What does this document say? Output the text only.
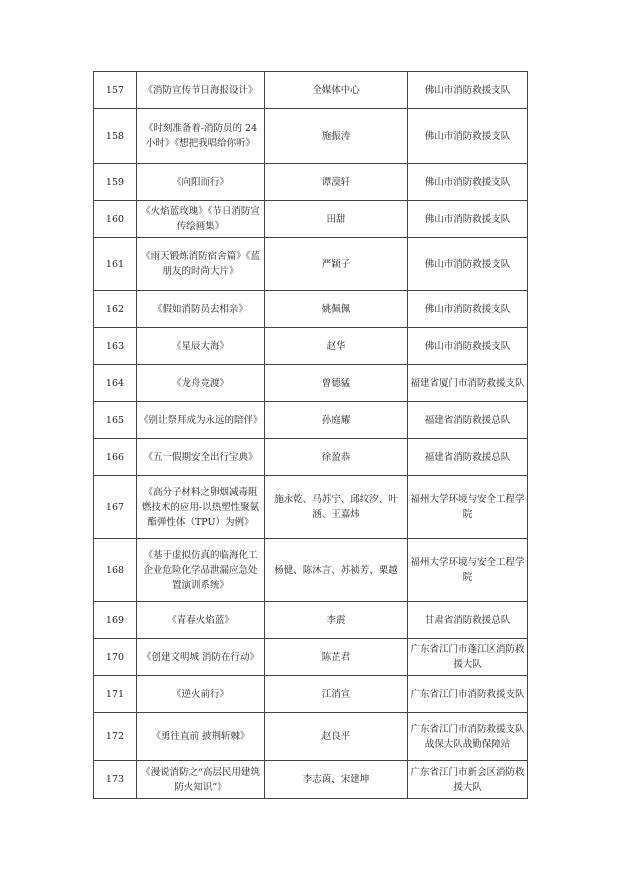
157	《消防宣传节日海报设计》	全媒体中心	佛山市消防救援支队
158	《时刻准备着-消防员的 24 小时》《想把我唱给你听》	施振涛	佛山市消防救援支队
159	《向阳而行》	谭漠轩	佛山市消防救援支队
160	《火焰蓝玫瑰》《节日消防宣传绘画集》	田甜	佛山市消防救援支队
161	《雨天锻炼消防宿舍篇》《蓝朋友的时尚大片》	严颖子	佛山市消防救援支队
162	《假如消防员去相亲》	姚佩佩	佛山市消防救援支队
163	《星辰大海》	赵华	佛山市消防救援支队
164	《龙舟竞渡》	曾德猛	福建省厦门市消防救援支队
165	《别让祭拜成为永远的陪伴》	孙庭耀	福建省消防救援总队
166	《五一假期安全出行宝典》	徐盈恭	福建省消防救援总队
167	《高分子材料之卵烟减毒阻燃技术的应用-以热塑性聚氨酯弹性体（TPU）为例》	施永乾、马苏宁、邱纹汐、叶涵、王嘉炜	福州大学环境与安全工程学院
168	《基于虚拟仿真的临海化工企业危险化学品泄漏应急处置演训系统》	杨健、陈沐言、苏祯芳、栗越	福州大学环境与安全工程学院
169	《青春火焰蓝》	李震	甘肃省消防救援总队
170	《创建文明城 消防在行动》	陈芷君	广东省江门市蓬江区消防救援大队
171	《逆火前行》	江消宣	广东省江门市消防救援支队
172	《勇往直前 披荆斩棘》	赵良平	广东省江门市消防救援支队战保大队战勤保障站
173	《漫说消防之“高层民用建筑防火知识”》	李志茵、宋建坤	广东省江门市新会区消防救援大队
